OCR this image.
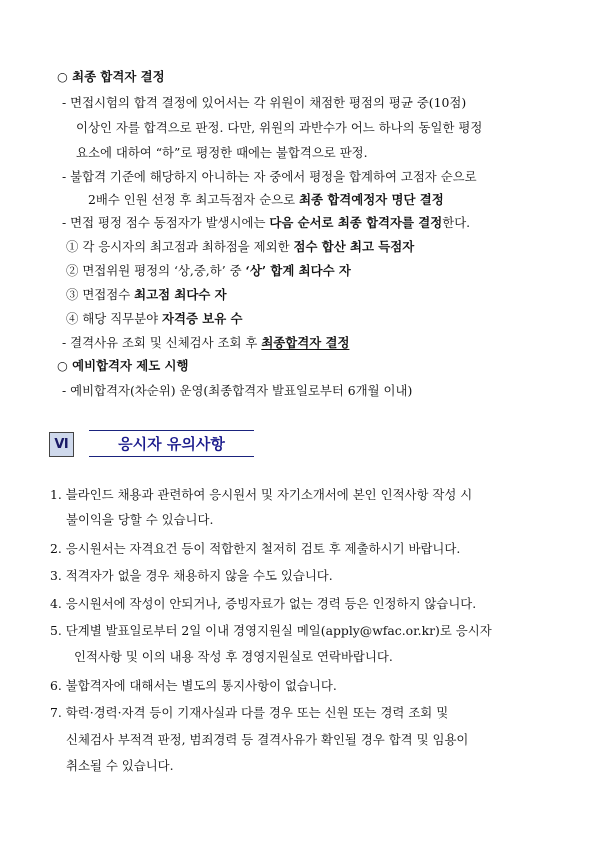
○ 최종 합격자 결정
- 면접시험의 합격 결정에 있어서는 각 위원이 채점한 평점의 평균 중(10점)
이상인 자를 합격으로 판정. 다만, 위원의 과반수가 어느 하나의 동일한 평정
요소에 대하여 “하”로 평정한 때에는 불합격으로 판정.
- 불합격 기준에 해당하지 아니하는 자 중에서 평정을 합계하여 고점자 순으로
2배수 인원 선정 후 최고득점자 순으로 최종 합격예정자 명단 결정
- 면접 평정 점수 동점자가 발생시에는 다음 순서로 최종 합격자를 결정한다.
① 각 응시자의 최고점과 최하점을 제외한 점수 합산 최고 득점자
② 면접위원 평정의 ‘상,중,하’ 중 ‘상’ 합계 최다수 자
③ 면접점수 최고점 최다수 자
④ 해당 직무분야 자격증 보유 수
- 결격사유 조회 및 신체검사 조회 후 최종합격자 결정
○ 예비합격자 제도 시행
- 예비합격자(차순위) 운영(최종합격자 발표일로부터 6개월 이내)
Ⅵ	응시자 유의사항
1. 블라인드 채용과 관련하여 응시원서 및 자기소개서에 본인 인적사항 작성 시
불이익을 당할 수 있습니다.
2. 응시원서는 자격요건 등이 적합한지 철저히 검토 후 제출하시기 바랍니다.
3. 적격자가 없을 경우 채용하지 않을 수도 있습니다.
4. 응시원서에 작성이 안되거나, 증빙자료가 없는 경력 등은 인정하지 않습니다.
5. 단계별 발표일로부터 2일 이내 경영지원실 메일(apply@wfac.or.kr)로 응시자
인적사항 및 이의 내용 작성 후 경영지원실로 연락바랍니다.
6. 불합격자에 대해서는 별도의 통지사항이 없습니다.
7. 학력·경력·자격 등이 기재사실과 다를 경우 또는 신원 또는 경력 조회 및
신체검사 부적격 판정, 범죄경력 등 결격사유가 확인될 경우 합격 및 임용이
취소될 수 있습니다.
